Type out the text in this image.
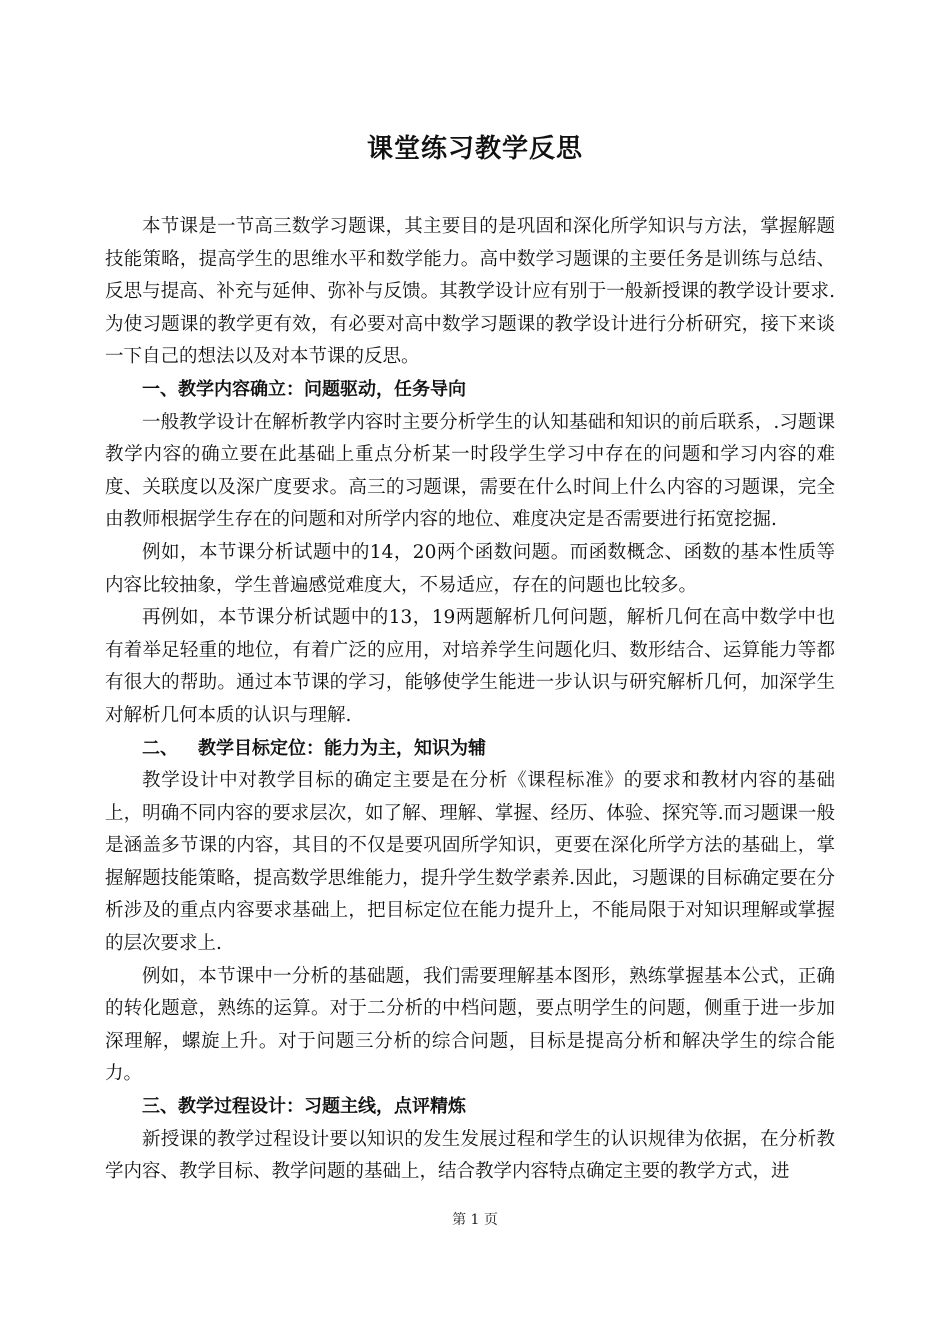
课堂练习教学反思

本节课是一节高三数学习题课，其主要目的是巩固和深化所学知识与方法，掌握解题技能策略，提高学生的思维水平和数学能力。高中数学习题课的主要任务是训练与总结、反思与提高、补充与延伸、弥补与反馈。其教学设计应有别于一般新授课的教学设计要求.为使习题课的教学更有效，有必要对高中数学习题课的教学设计进行分析研究，接下来谈一下自己的想法以及对本节课的反思。

一、教学内容确立：问题驱动，任务导向

一般教学设计在解析教学内容时主要分析学生的认知基础和知识的前后联系，.习题课教学内容的确立要在此基础上重点分析某一时段学生学习中存在的问题和学习内容的难度、关联度以及深广度要求。高三的习题课，需要在什么时间上什么内容的习题课，完全由教师根据学生存在的问题和对所学内容的地位、难度决定是否需要进行拓宽挖掘.

例如，本节课分析试题中的14，20两个函数问题。而函数概念、函数的基本性质等内容比较抽象，学生普遍感觉难度大，不易适应，存在的问题也比较多。

再例如，本节课分析试题中的13，19两题解析几何问题，解析几何在高中数学中也有着举足轻重的地位，有着广泛的应用，对培养学生问题化归、数形结合、运算能力等都有很大的帮助。通过本节课的学习，能够使学生能进一步认识与研究解析几何，加深学生对解析几何本质的认识与理解.

二、 教学目标定位：能力为主，知识为辅

教学设计中对教学目标的确定主要是在分析《课程标准》的要求和教材内容的基础上，明确不同内容的要求层次，如了解、理解、掌握、经历、体验、探究等.而习题课一般是涵盖多节课的内容，其目的不仅是要巩固所学知识，更要在深化所学方法的基础上，掌握解题技能策略，提高数学思维能力，提升学生数学素养.因此，习题课的目标确定要在分析涉及的重点内容要求基础上，把目标定位在能力提升上，不能局限于对知识理解或掌握的层次要求上.

例如，本节课中一分析的基础题，我们需要理解基本图形，熟练掌握基本公式，正确的转化题意，熟练的运算。对于二分析的中档问题，要点明学生的问题，侧重于进一步加深理解，螺旋上升。对于问题三分析的综合问题，目标是提高分析和解决学生的综合能力。

三、教学过程设计：习题主线，点评精炼

新授课的教学过程设计要以知识的发生发展过程和学生的认识规律为依据，在分析教学内容、教学目标、教学问题的基础上，结合教学内容特点确定主要的教学方式，进

第 1 页
